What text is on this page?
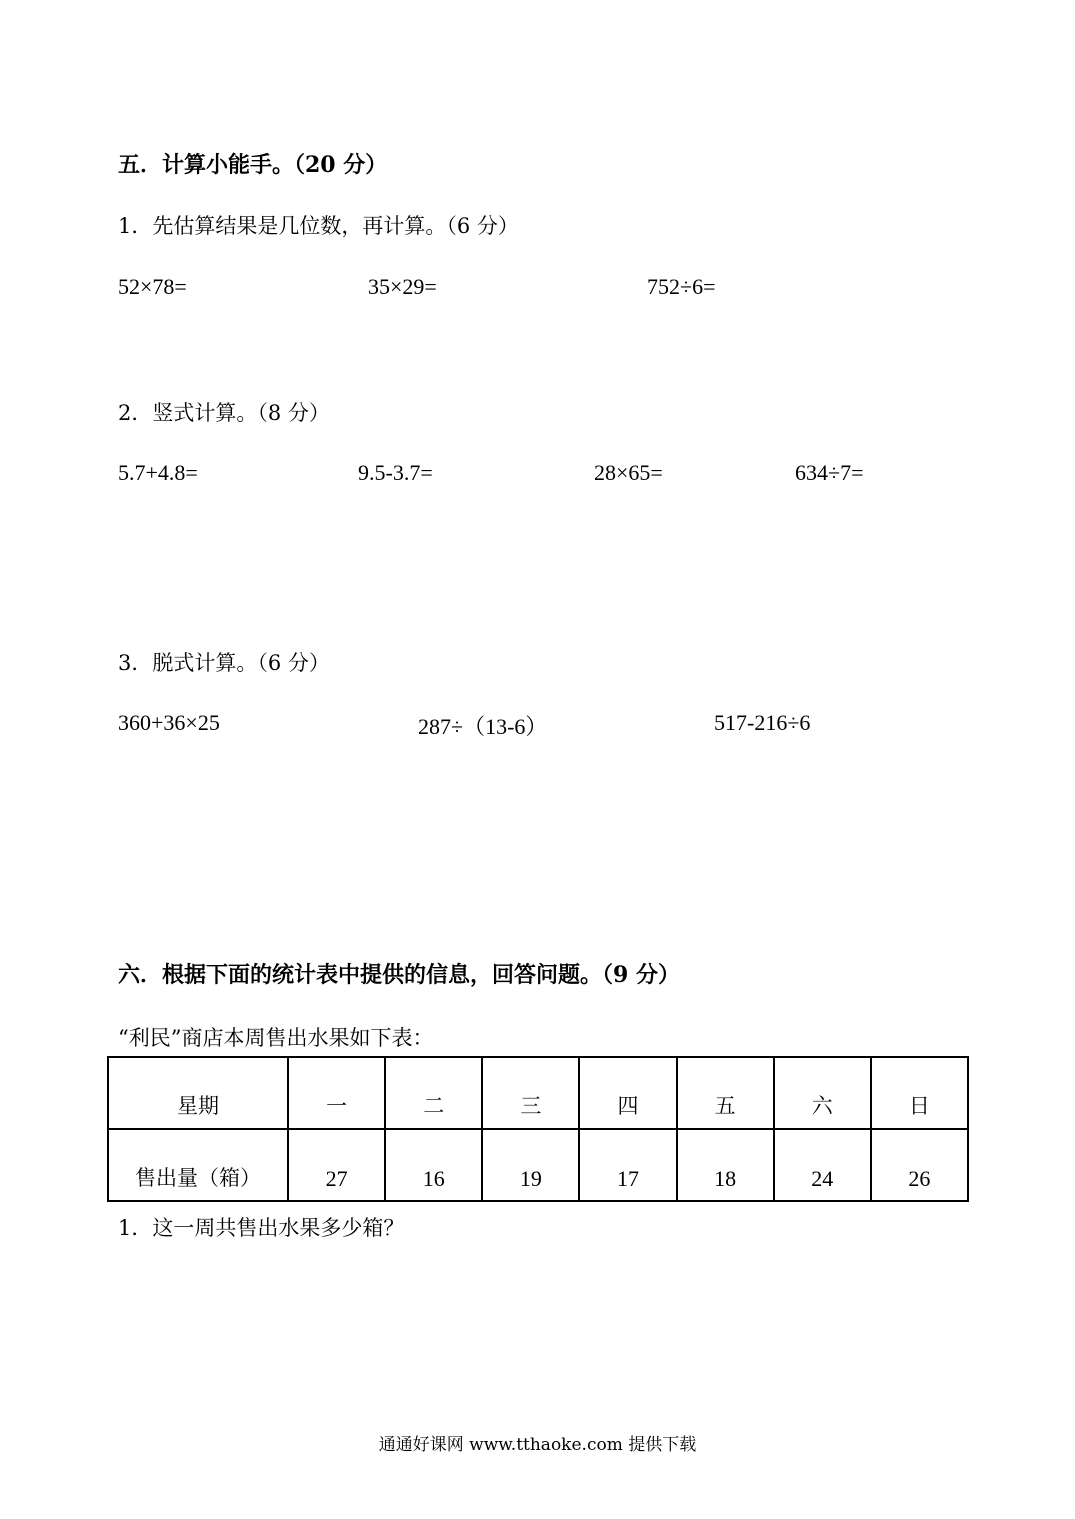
五．计算小能手。（20 分）
1．先估算结果是几位数，再计算。（6 分）
52×78=	35×29=	752÷6=
2．竖式计算。（8 分）
5.7+4.8=	9.5-3.7=	28×65=	634÷7=
3．脱式计算。（6 分）
360+36×25	287÷（13-6）	517-216÷6
六．根据下面的统计表中提供的信息，回答问题。（9 分）
“利民”商店本周售出水果如下表：
星期	一	二	三	四	五	六	日
售出量（箱）	27	16	19	17	18	24	26
1．这一周共售出水果多少箱？
通通好课网 www.tthaoke.com 提供下载
